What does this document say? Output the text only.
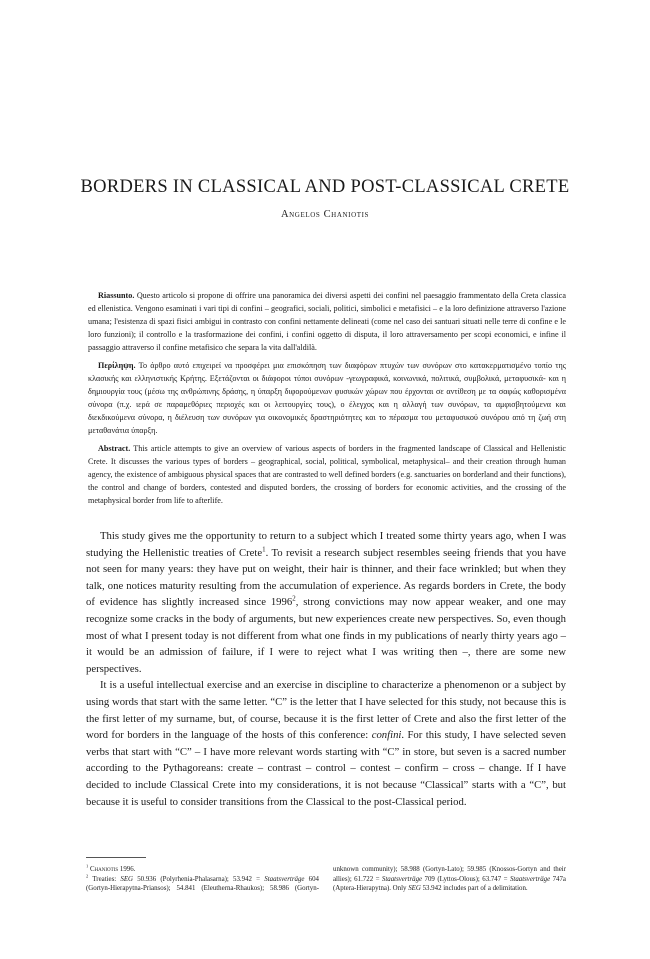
BORDERS IN CLASSICAL AND POST-CLASSICAL CRETE
Angelos Chaniotis

Riassunto. Questo articolo si propone di offrire una panoramica dei diversi aspetti dei confini nel paesaggio frammentato della Creta classica ed ellenistica. Vengono esaminati i vari tipi di confini – geografici, sociali, politici, simbolici e metafisici – e la loro definizione attraverso l'azione umana; l'esistenza di spazi fisici ambigui in contrasto con confini nettamente delineati (come nel caso dei santuari situati nelle terre di confine e le loro funzioni); il controllo e la trasformazione dei confini, i confini oggetto di disputa, il loro attraversamento per scopi economici, e infine il passaggio attraverso il confine metafisico che separa la vita dall'aldilà.

Περίληψη. Το άρθρο αυτό επιχειρεί να προσφέρει μια επισκόπηση των διαφόρων πτυχών των συνόρων στο κατακερματισμένο τοπίο της κλασικής και ελληνιστικής Κρήτης. Εξετάζονται οι διάφοροι τύποι συνόρων -γεωγραφικά, κοινωνικά, πολιτικά, συμβολικά, μεταφυσικά- και η δημιουργία τους (μέσω της ανθρώπινης δράσης, η ύπαρξη διφορούμενων φυσικών χώρων που έρχονται σε αντίθεση με τα σαφώς καθορισμένα σύνορα (π.χ. ιερά σε παραμεθόριες περιοχές και οι λειτουργίες τους), ο έλεγχος και η αλλαγή των συνόρων, τα αμφισβητούμενα και διεκδικούμενα σύνορα, η διέλευση των συνόρων για οικονομικές δραστηριότητες και το πέρασμα του μεταφυσικού συνόρου από τη ζωή στη μεταθανάτια ύπαρξη.

Abstract. This article attempts to give an overview of various aspects of borders in the fragmented landscape of Classical and Hellenistic Crete. It discusses the various types of borders – geographical, social, political, symbolical, metaphysical– and their creation through human agency, the existence of ambiguous physical spaces that are contrasted to well defined borders (e.g. sanctuaries on borderland and their functions), the control and change of borders, contested and disputed borders, the crossing of borders for economic activities, and the crossing of the metaphysical border from life to afterlife.

This study gives me the opportunity to return to a subject which I treated some thirty years ago, when I was studying the Hellenistic treaties of Crete$^1$. To revisit a research subject resembles seeing friends that you have not seen for many years: they have put on weight, their hair is thinner, and their face wrinkled; but when they talk, one notices maturity resulting from the accumulation of experience. As regards borders in Crete, the body of evidence has slightly increased since 1996$^2$, strong convictions may now appear weaker, and one may recognize some cracks in the body of arguments, but new experiences create new perspectives. So, even though most of what I present today is not different from what one finds in my publications of nearly thirty years ago – it would be an admission of failure, if I were to reject what I was writing then –, there are some new perspectives.

It is a useful intellectual exercise and an exercise in discipline to characterize a phenomenon or a subject by using words that start with the same letter. “C” is the letter that I have selected for this study, not because this is the first letter of my surname, but, of course, because it is the first letter of Crete and also the first letter of the word for borders in the language of the hosts of this conference: confini. For this study, I have selected seven verbs that start with “C” – I have more relevant words starting with “C” in store, but seven is a sacred number according to the Pythagoreans: create – contrast – control – contest – confirm – cross – change. If I have decided to include Classical Crete into my considerations, it is not because “Classical” starts with a “C”, but because it is useful to consider transitions from the Classical to the post-Classical period.

$^1$ Chaniotis 1996.

$^2$ Treaties: SEG 50.936 (Polyrhenia-Phalasarna); 53.942 = Staatsverträge 604 (Gortyn-Hierapytna-Priansos); 54.841 (Eleutherna-Rhaukos); 58.986 (Gortyn-unknown community); 58.988 (Gortyn-Lato); 59.985 (Knossos-Gortyn and their allies); 61.722 = Staatsverträge 709 (Lyttos-Olous); 63.747 = Staatsverträge 747a (Aptera-Hierapytna). Only SEG 53.942 includes part of a delimitation.
